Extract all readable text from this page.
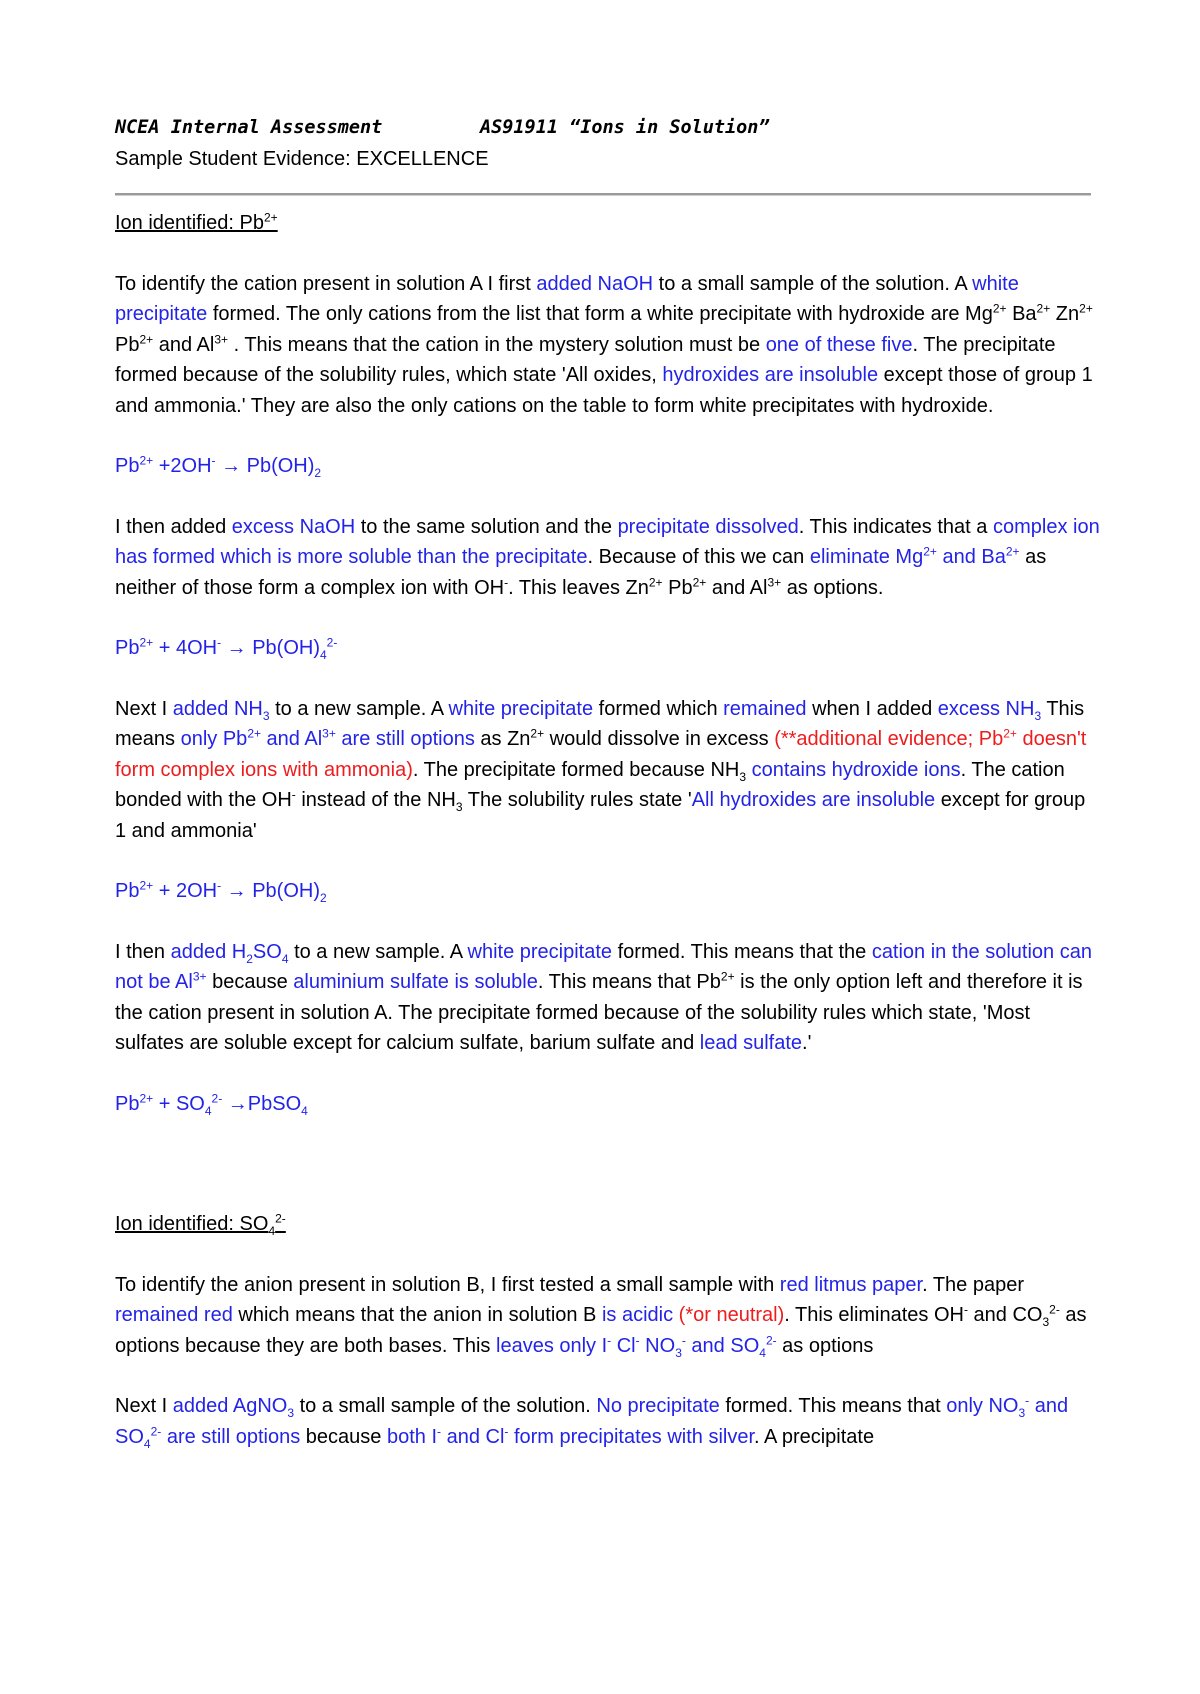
NCEA Internal Assessment	AS91911 “Ions in Solution”
Sample Student Evidence: EXCELLENCE
Ion identified: $Pb^{2+}$
To identify the cation present in solution A I first added NaOH to a small sample of the solution. A white precipitate formed. The only cations from the list that form a white precipitate with hydroxide are $Mg^{2+}$ $Ba^{2+}$ $Zn^{2+}$ $Pb^{2+}$ and $Al^{3+}$ . This means that the cation in the mystery solution must be one of these five. The precipitate formed because of the solubility rules, which state 'All oxides, hydroxides are insoluble except those of group 1 and ammonia.' They are also the only cations on the table to form white precipitates with hydroxide.
$Pb^{2+} +2OH^- \to Pb(OH)_2$
I then added excess NaOH to the same solution and the precipitate dissolved. This indicates that a complex ion has formed which is more soluble than the precipitate. Because of this we can eliminate $Mg^{2+}$ and $Ba^{2+}$ as neither of those form a complex ion with OH-. This leaves $Zn^{2+}$ $Pb^{2+}$ and $Al^{3+}$ as options.
$Pb^{2+} + 4OH^- \to Pb(OH)_4^{2-}$
Next I added $NH_3$ to a new sample. A white precipitate formed which remained when I added excess $NH_3$ This means only $Pb^{2+}$ and $Al^{3+}$ are still options as $Zn^{2+}$ would dissolve in excess (**additional evidence; $Pb^{2+}$ doesn't form complex ions with ammonia). The precipitate formed because $NH_3$ contains hydroxide ions. The cation bonded with the OH- instead of the $NH_3$ The solubility rules state 'All hydroxides are insoluble except for group 1 and ammonia'
$Pb^{2+} + 2OH^- \to Pb(OH)_2$
I then added $H_2SO_4$ to a new sample. A white precipitate formed. This means that the cation in the solution can not be $Al^{3+}$ because aluminium sulfate is soluble. This means that $Pb^{2+}$ is the only option left and therefore it is the cation present in solution A. The precipitate formed because of the solubility rules which state, 'Most sulfates are soluble except for calcium sulfate, barium sulfate and lead sulfate.'
$Pb^{2+} + SO_4^{2-}$ →PbSO$_4$
Ion identified: $SO_4^{2-}$
To identify the anion present in solution B, I first tested a small sample with red litmus paper. The paper remained red which means that the anion in solution B is acidic (*or neutral). This eliminates OH- and $CO_3^{2-}$ as options because they are both bases. This leaves only I- Cl- $NO_3^-$ and $SO_4^{2-}$ as options
Next I added AgNO$_3$ to a small sample of the solution. No precipitate formed. This means that only $NO_3^-$ and $SO_4^{2-}$ are still options because both I- and Cl- form precipitates with silver. A precipitate
